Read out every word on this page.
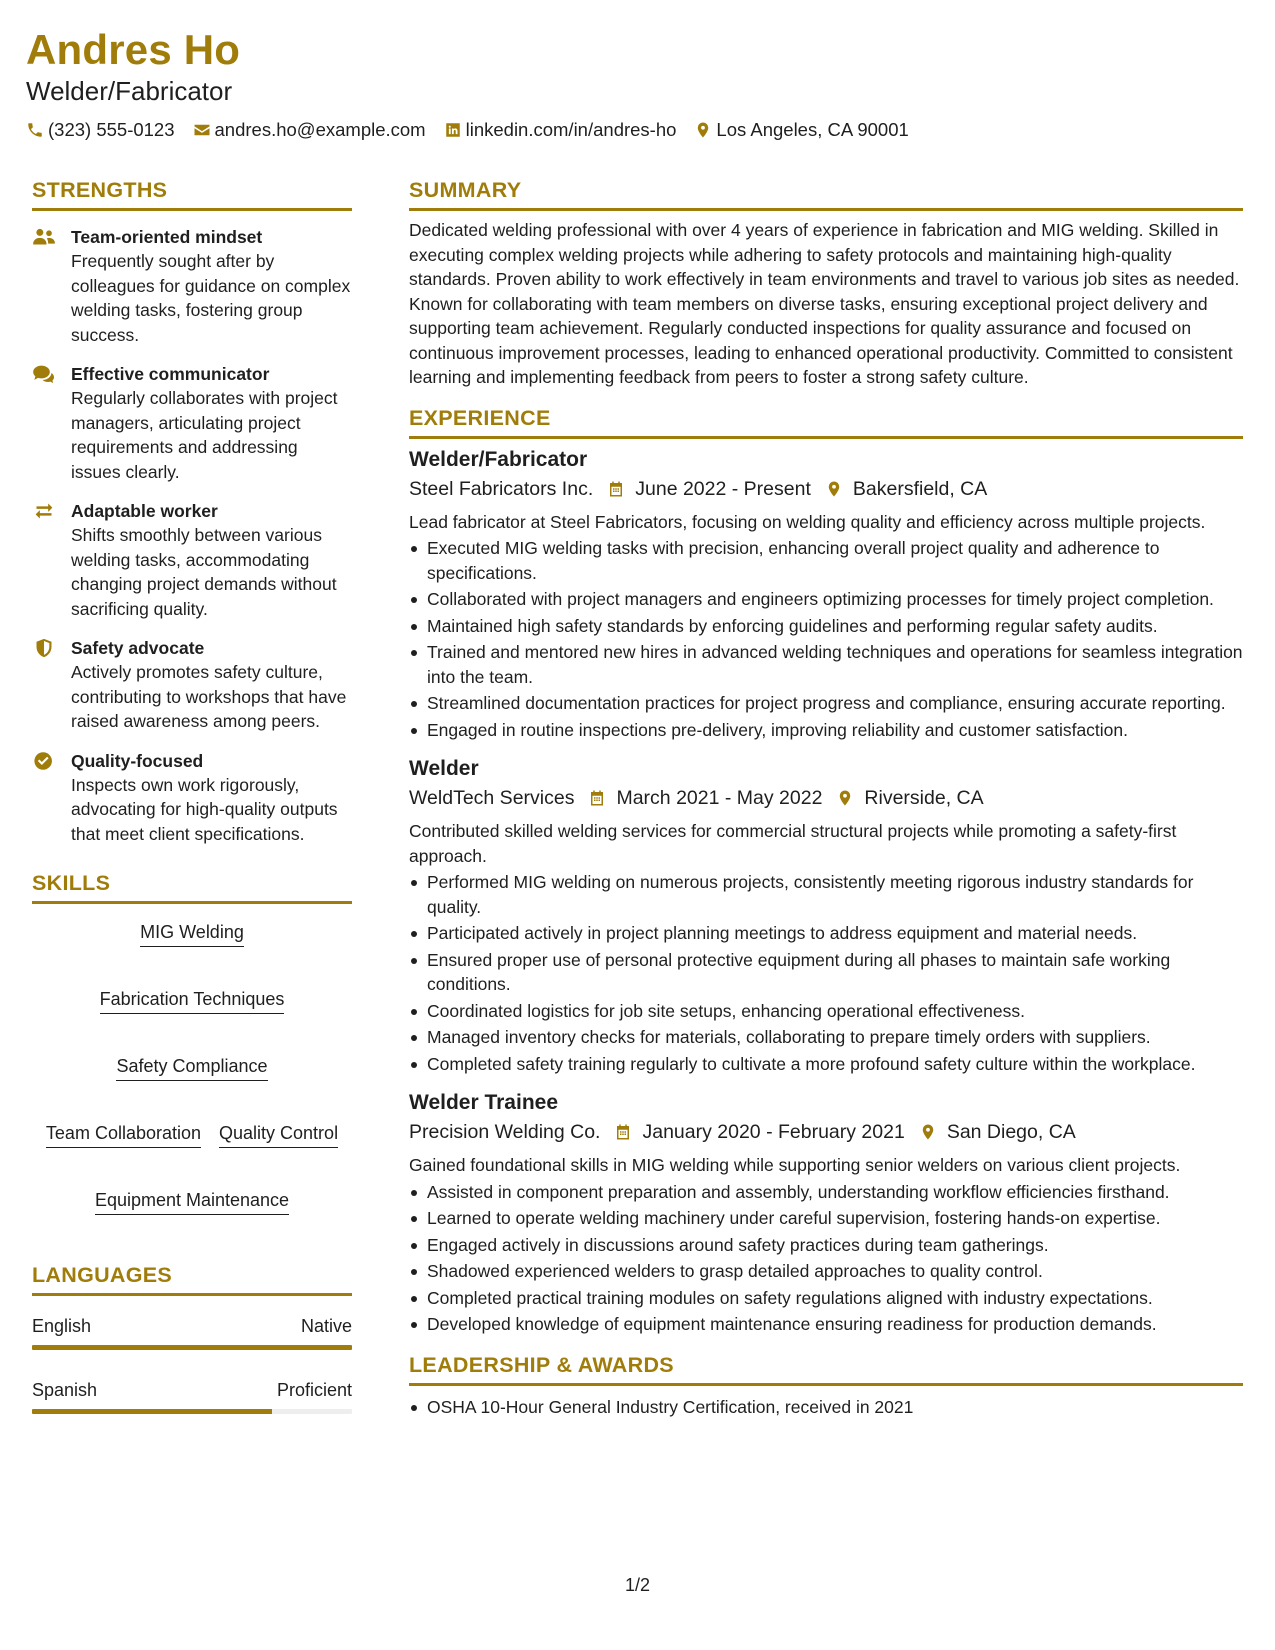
Andres Ho
Welder/Fabricator
(323) 555-0123 andres.ho@example.com linkedin.com/in/andres-ho Los Angeles, CA 90001
STRENGTHS
Team-oriented mindset
Frequently sought after by colleagues for guidance on complex welding tasks, fostering group success.
Effective communicator
Regularly collaborates with project managers, articulating project requirements and addressing issues clearly.
Adaptable worker
Shifts smoothly between various welding tasks, accommodating changing project demands without sacrificing quality.
Safety advocate
Actively promotes safety culture, contributing to workshops that have raised awareness among peers.
Quality-focused
Inspects own work rigorously, advocating for high-quality outputs that meet client specifications.
SKILLS
MIG Welding
Fabrication Techniques
Safety Compliance
Team Collaboration Quality Control
Equipment Maintenance
LANGUAGES
English	Native
Spanish	Proficient
SUMMARY
Dedicated welding professional with over 4 years of experience in fabrication and MIG welding. Skilled in executing complex welding projects while adhering to safety protocols and maintaining high-quality standards. Proven ability to work effectively in team environments and travel to various job sites as needed. Known for collaborating with team members on diverse tasks, ensuring exceptional project delivery and supporting team achievement. Regularly conducted inspections for quality assurance and focused on continuous improvement processes, leading to enhanced operational productivity. Committed to consistent learning and implementing feedback from peers to foster a strong safety culture.
EXPERIENCE
Welder/Fabricator
Steel Fabricators Inc. June 2022 - Present Bakersfield, CA
Lead fabricator at Steel Fabricators, focusing on welding quality and efficiency across multiple projects.
Executed MIG welding tasks with precision, enhancing overall project quality and adherence to specifications.
Collaborated with project managers and engineers optimizing processes for timely project completion.
Maintained high safety standards by enforcing guidelines and performing regular safety audits.
Trained and mentored new hires in advanced welding techniques and operations for seamless integration into the team.
Streamlined documentation practices for project progress and compliance, ensuring accurate reporting.
Engaged in routine inspections pre-delivery, improving reliability and customer satisfaction.
Welder
WeldTech Services March 2021 - May 2022 Riverside, CA
Contributed skilled welding services for commercial structural projects while promoting a safety-first approach.
Performed MIG welding on numerous projects, consistently meeting rigorous industry standards for quality.
Participated actively in project planning meetings to address equipment and material needs.
Ensured proper use of personal protective equipment during all phases to maintain safe working conditions.
Coordinated logistics for job site setups, enhancing operational effectiveness.
Managed inventory checks for materials, collaborating to prepare timely orders with suppliers.
Completed safety training regularly to cultivate a more profound safety culture within the workplace.
Welder Trainee
Precision Welding Co. January 2020 - February 2021 San Diego, CA
Gained foundational skills in MIG welding while supporting senior welders on various client projects.
Assisted in component preparation and assembly, understanding workflow efficiencies firsthand.
Learned to operate welding machinery under careful supervision, fostering hands-on expertise.
Engaged actively in discussions around safety practices during team gatherings.
Shadowed experienced welders to grasp detailed approaches to quality control.
Completed practical training modules on safety regulations aligned with industry expectations.
Developed knowledge of equipment maintenance ensuring readiness for production demands.
LEADERSHIP & AWARDS
OSHA 10-Hour General Industry Certification, received in 2021
1/2
